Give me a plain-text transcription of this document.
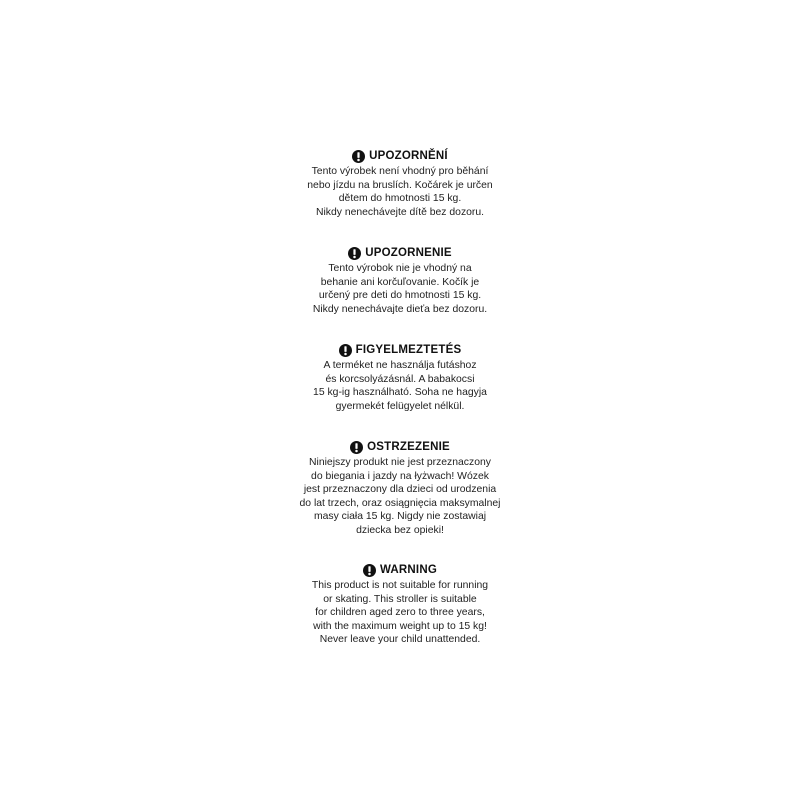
UPOZORNĚNÍ
Tento výrobek není vhodný pro běhání
nebo jízdu na bruslích. Kočárek je určen
dětem do hmotnosti 15 kg.
Nikdy nenechávejte dítě bez dozoru.
UPOZORNENIE
Tento výrobok nie je vhodný na
behanie ani korčuľovanie. Kočík je
určený pre deti do hmotnosti 15 kg.
Nikdy nenechávajte dieťa bez dozoru.
FIGYELMEZTETÉS
A terméket ne használja futáshoz
és korcsolyázásnál. A babakocsi
15 kg-ig használható. Soha ne hagyja
gyermekét felügyelet nélkül.
OSTRZEZENIE
Niniejszy produkt nie jest przeznaczony
do biegania i jazdy na łyżwach! Wózek
jest przeznaczony dla dzieci od urodzenia
do lat trzech, oraz osiągnięcia maksymalnej
masy ciała 15 kg. Nigdy nie zostawiaj
dziecka bez opieki!
WARNING
This product is not suitable for running
or skating. This stroller is suitable
for children aged zero to three years,
with the maximum weight up to 15 kg!
Never leave your child unattended.
